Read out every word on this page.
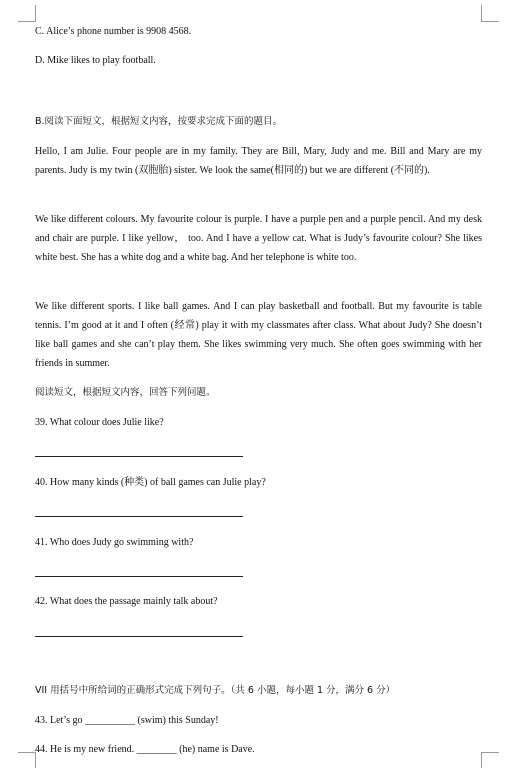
C. Alice’s phone number is 9908 4568.
D. Mike likes to play football.
B.阅读下面短文，根据短文内容，按要求完成下面的题目。
Hello, I am Julie. Four people are in my family. They are Bill, Mary, Judy and me. Bill and Mary are my parents. Judy is my twin (双胞胎) sister. We look the same(相同的) but we are different (不同的).
We like different colours. My favourite colour is purple. I have a purple pen and a purple pencil. And my desk and chair are purple. I like yellow， too. And I have a yellow cat. What is Judy’s favourite colour? She likes white best. She has a white dog and a white bag. And her telephone is white too.
We like different sports. I like ball games. And I can play basketball and football. But my favourite is table tennis. I’m good at it and I often (经常) play it with my classmates after class. What about Judy? She doesn’t like ball games and she can’t play them. She likes swimming very much. She often goes swimming with her friends in summer.
阅读短文，根据短文内容，回答下列问题。
39. What colour does Julie like?
40. How many kinds (种类) of ball games can Julie play?
41. Who does Judy go swimming with?
42. What does the passage mainly talk about?
VII 用括号中所给词的正确形式完成下列句子。（共 6 小题，每小题 1 分，满分 6 分）
43. Let’s go __________ (swim) this Sunday!
44. He is my new friend. ________ (he) name is Dave.
